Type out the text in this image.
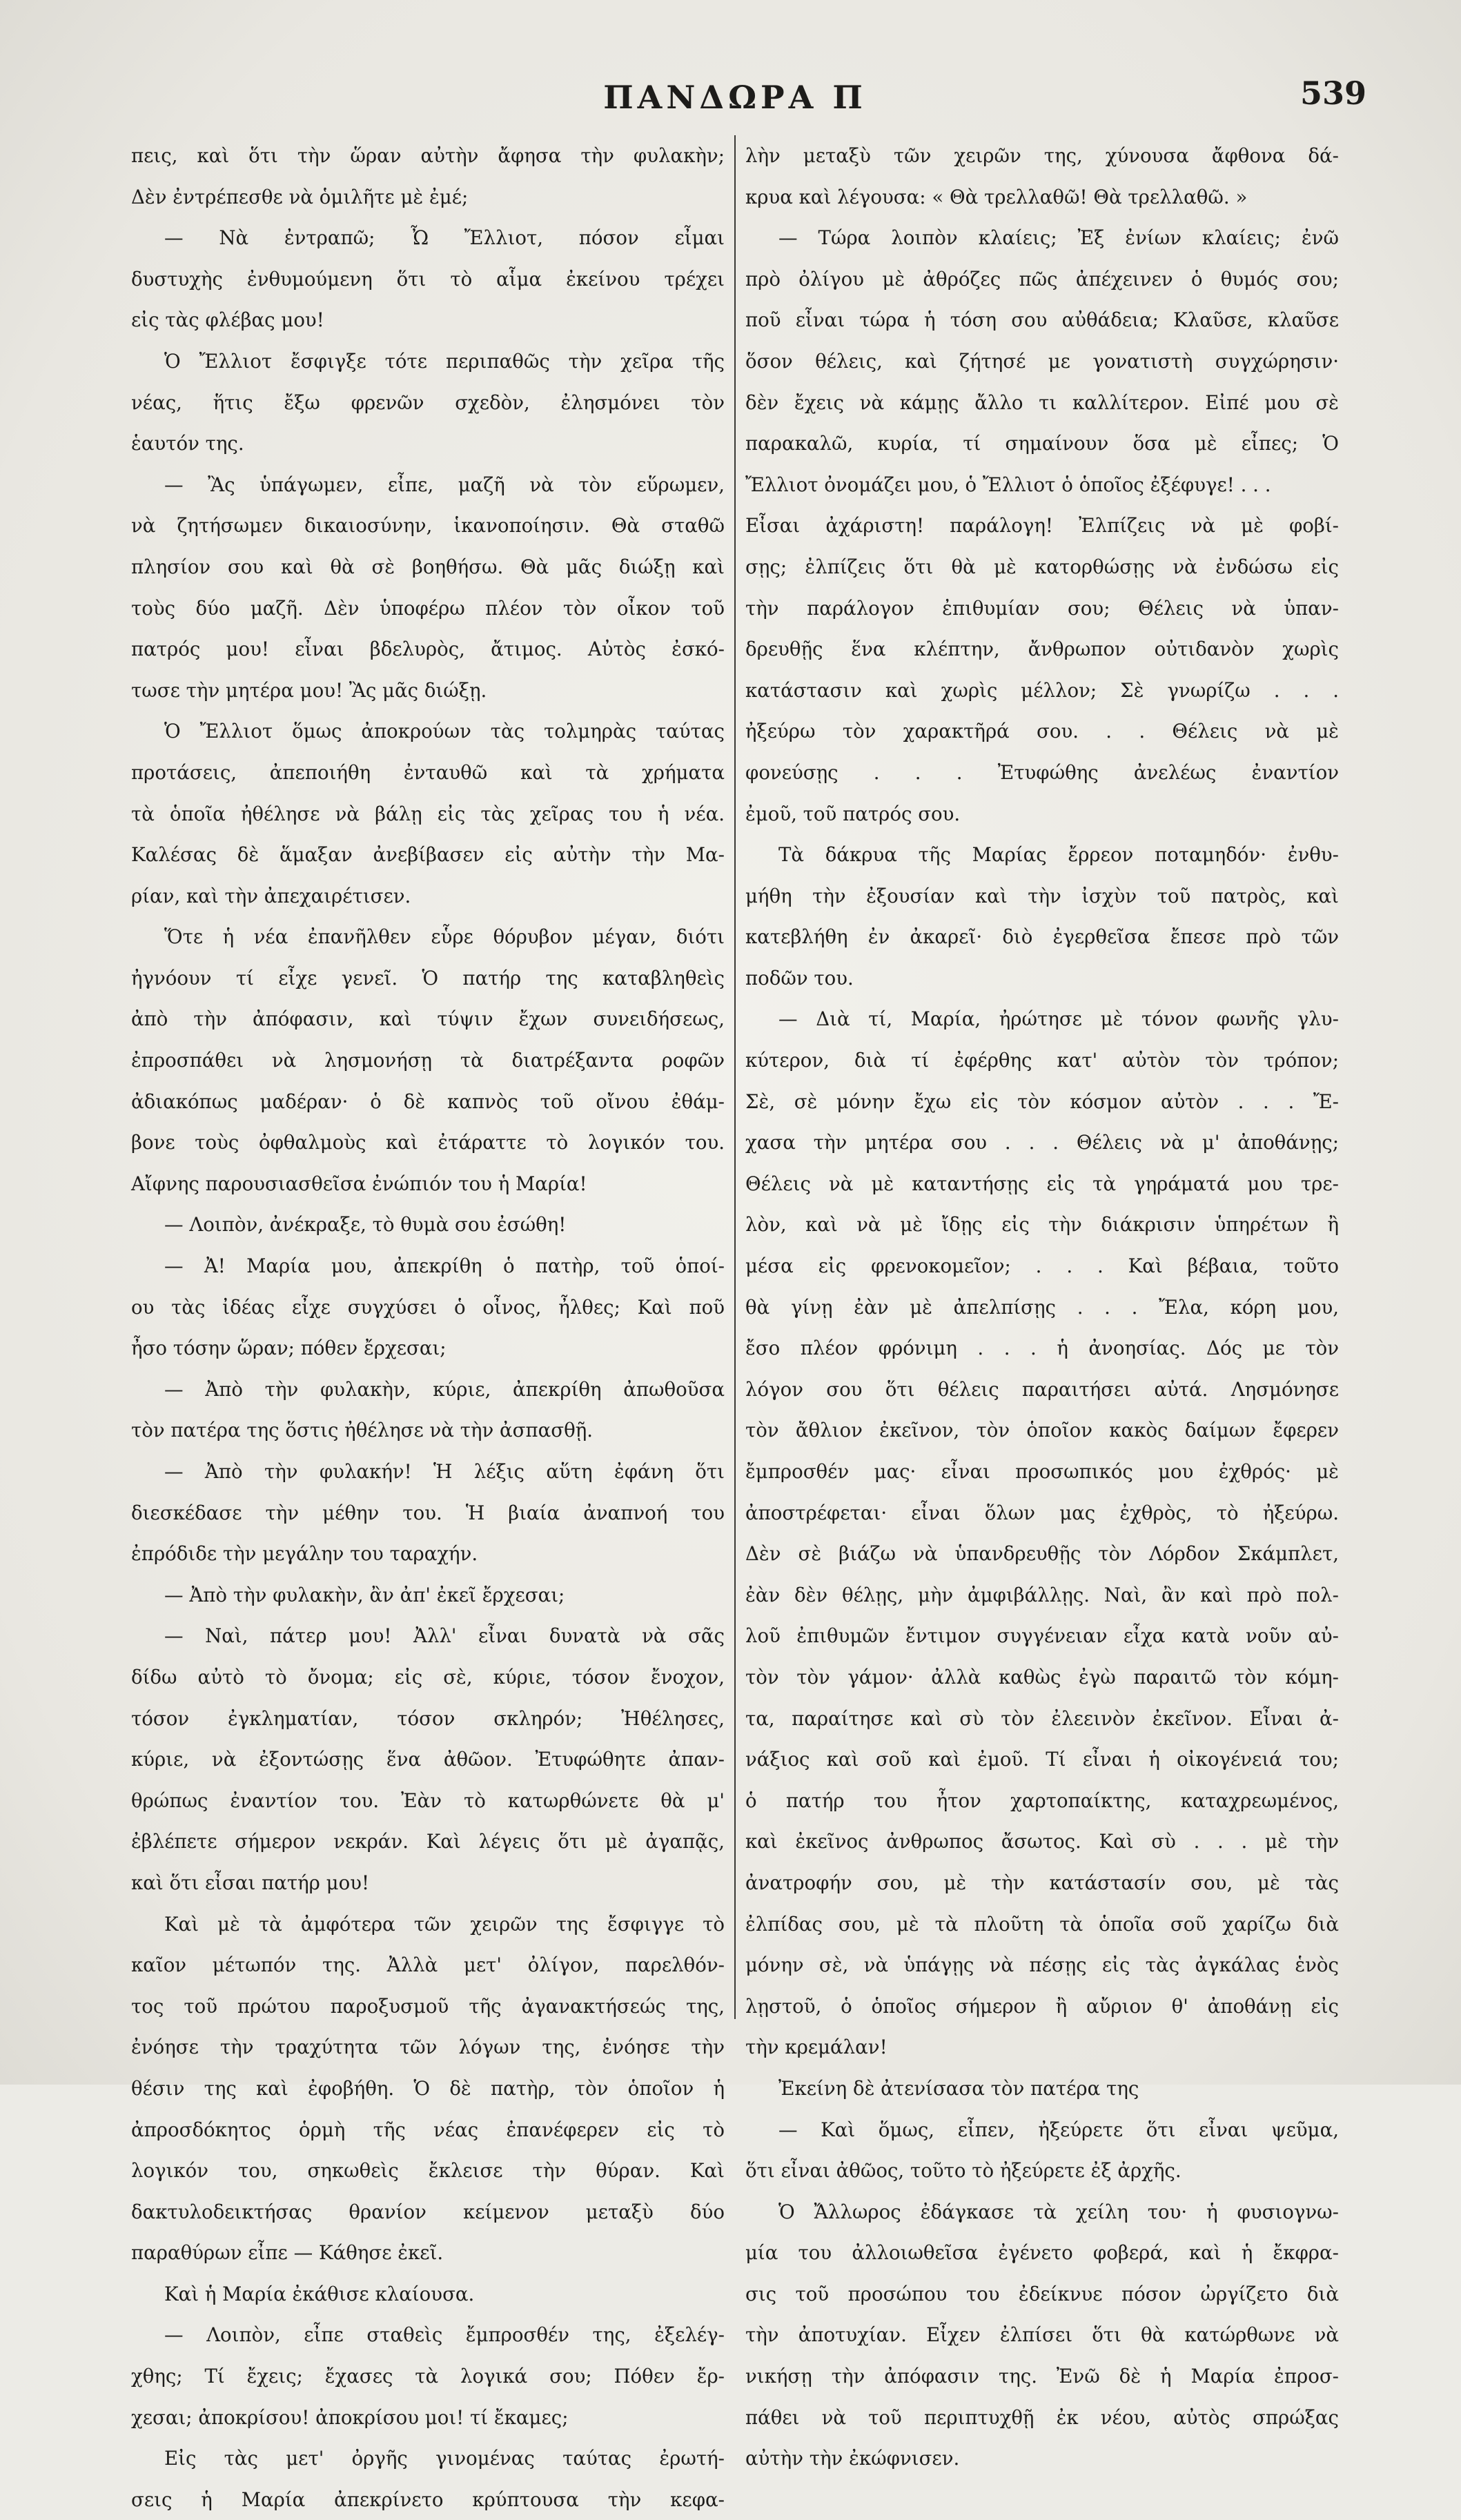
ΠΑΝΔΩΡΑ Π	539

πεις, καὶ ὅτι τὴν ὥραν αὐτὴν ἄφησα τὴν φυλακὴν;

Δὲν ἐντρέπεσθε νὰ ὁμιλῆτε μὲ ἐμέ;

— Νὰ ἐντραπῶ; Ὦ Ἔλλιοτ, πόσον εἶμαι

δυστυχὴς ἐνθυμούμενη ὅτι τὸ αἷμα ἐκείνου τρέχει

εἰς τὰς φλέβας μου!

Ὁ Ἔλλιοτ ἔσφιγξε τότε περιπαθῶς τὴν χεῖρα τῆς

νέας, ἥτις ἔξω φρενῶν σχεδὸν, ἐλησμόνει τὸν

ἑαυτόν της.

— Ἂς ὑπάγωμεν, εἶπε, μαζῆ νὰ τὸν εὕρωμεν,

νὰ ζητήσωμεν δικαιοσύνην, ἱκανοποίησιν. Θὰ σταθῶ

πλησίον σου καὶ θὰ σὲ βοηθήσω. Θὰ μᾶς διώξῃ καὶ

τοὺς δύο μαζῆ. Δὲν ὑποφέρω πλέον τὸν οἶκον τοῦ

πατρός μου! εἶναι βδελυρὸς, ἄτιμος. Αὐτὸς ἐσκό-

τωσε τὴν μητέρα μου! Ἂς μᾶς διώξῃ.

Ὁ Ἔλλιοτ ὅμως ἀποκρούων τὰς τολμηρὰς ταύτας

προτάσεις, ἀπεποιήθη ἐνταυθῶ καὶ τὰ χρήματα

τὰ ὁποῖα ἠθέλησε νὰ βάλῃ εἰς τὰς χεῖρας του ἡ νέα.

Καλέσας δὲ ἅμαξαν ἀνεβίβασεν εἰς αὐτὴν τὴν Μα-

ρίαν, καὶ τὴν ἀπεχαιρέτισεν.

Ὅτε ἡ νέα ἐπανῆλθεν εὗρε θόρυβον μέγαν, διότι

ἠγνόουν τί εἶχε γενεῖ. Ὁ πατήρ της καταβληθεὶς

ἀπὸ τὴν ἀπόφασιν, καὶ τύψιν ἔχων συνειδήσεως,

ἐπροσπάθει νὰ λησμονήσῃ τὰ διατρέξαντα ροφῶν

ἀδιακόπως μαδέραν· ὁ δὲ καπνὸς τοῦ οἴνου ἐθάμ-

βονε τοὺς ὀφθαλμοὺς καὶ ἐτάραττε τὸ λογικόν του.

Αἴφνης παρουσιασθεῖσα ἐνώπιόν του ἡ Μαρία!

— Λοιπὸν, ἀνέκραξε, τὸ θυμὰ σου ἐσώθη!

— Ἀ! Μαρία μου, ἀπεκρίθη ὁ πατὴρ, τοῦ ὁποί-

ου τὰς ἰδέας εἶχε συγχύσει ὁ οἶνος, ἦλθες; Καὶ ποῦ

ἦσο τόσην ὥραν; πόθεν ἔρχεσαι;

— Ἀπὸ τὴν φυλακὴν, κύριε, ἀπεκρίθη ἀπωθοῦσα

τὸν πατέρα της ὅστις ἠθέλησε νὰ τὴν ἀσπασθῇ.

— Ἀπὸ τὴν φυλακήν! Ἡ λέξις αὕτη ἐφάνη ὅτι

διεσκέδασε τὴν μέθην του. Ἡ βιαία ἀναπνοή του

ἐπρόδιδε τὴν μεγάλην του ταραχήν.

— Ἀπὸ τὴν φυλακὴν, ἂν ἀπ' ἐκεῖ ἔρχεσαι;

— Ναὶ, πάτερ μου! Ἀλλ' εἶναι δυνατὰ νὰ σᾶς

δίδω αὐτὸ τὸ ὄνομα; εἰς σὲ, κύριε, τόσον ἔνοχον,

τόσον ἐγκληματίαν, τόσον σκληρόν; Ἠθέλησες,

κύριε, νὰ ἐξοντώσῃς ἕνα ἀθῶον. Ἐτυφώθητε ἀπαν-

θρώπως ἐναντίον του. Ἐὰν τὸ κατωρθώνετε θὰ μ'

ἐβλέπετε σήμερον νεκράν. Καὶ λέγεις ὅτι μὲ ἀγαπᾷς,

καὶ ὅτι εἶσαι πατήρ μου!

Καὶ μὲ τὰ ἀμφότερα τῶν χειρῶν της ἔσφιγγε τὸ

καῖον μέτωπόν της. Ἀλλὰ μετ' ὀλίγον, παρελθόν-

τος τοῦ πρώτου παροξυσμοῦ τῆς ἀγανακτήσεώς της,

ἐνόησε τὴν τραχύτητα τῶν λόγων της, ἐνόησε τὴν

θέσιν της καὶ ἐφοβήθη. Ὁ δὲ πατὴρ, τὸν ὁποῖον ἡ

ἀπροσδόκητος ὁρμὴ τῆς νέας ἐπανέφερεν εἰς τὸ

λογικόν του, σηκωθεὶς ἔκλεισε τὴν θύραν. Καὶ

δακτυλοδεικτήσας θρανίον κείμενον μεταξὺ δύο

παραθύρων εἶπε — Κάθησε ἐκεῖ.

Καὶ ἡ Μαρία ἐκάθισε κλαίουσα.

— Λοιπὸν, εἶπε σταθεὶς ἔμπροσθέν της, ἐξελέγ-

χθης; Τί ἔχεις; ἔχασες τὰ λογικά σου; Πόθεν ἔρ-

χεσαι; ἀποκρίσου! ἀποκρίσου μοι! τί ἔκαμες;

Εἰς τὰς μετ' ὀργῆς γινομένας ταύτας ἐρωτή-

σεις ἡ Μαρία ἀπεκρίνετο κρύπτουσα τὴν κεφα-

λὴν μεταξὺ τῶν χειρῶν της, χύνουσα ἄφθονα δά-

κρυα καὶ λέγουσα: « Θὰ τρελλαθῶ! Θὰ τρελλαθῶ. »

— Τώρα λοιπὸν κλαίεις; Ἐξ ἐνίων κλαίεις; ἐνῶ

πρὸ ὀλίγου μὲ ἀθρόζες πῶς ἀπέχεινεν ὁ θυμός σου;

ποῦ εἶναι τώρα ἡ τόση σου αὐθάδεια; Κλαῦσε, κλαῦσε

ὅσον θέλεις, καὶ ζήτησέ με γονατιστὴ συγχώρησιν·

δὲν ἔχεις νὰ κάμῃς ἄλλο τι καλλίτερον. Εἰπέ μου σὲ

παρακαλῶ, κυρία, τί σημαίνουν ὅσα μὲ εἶπες; Ὁ

Ἔλλιοτ ὀνομάζει μου, ὁ Ἔλλιοτ ὁ ὁποῖος ἐξέφυγε! . . .

Εἶσαι ἀχάριστη! παράλογη! Ἐλπίζεις νὰ μὲ φοβί-

σῃς; ἐλπίζεις ὅτι θὰ μὲ κατορθώσῃς νὰ ἐνδώσω εἰς

τὴν παράλογον ἐπιθυμίαν σου; Θέλεις νὰ ὑπαν-

δρευθῇς ἕνα κλέπτην, ἄνθρωπον οὐτιδανὸν χωρὶς

κατάστασιν καὶ χωρὶς μέλλον; Σὲ γνωρίζω . . .

ἠξεύρω τὸν χαρακτῆρά σου. . . Θέλεις νὰ μὲ

φονεύσῃς . . . Ἐτυφώθης ἀνελέως ἐναντίον

ἐμοῦ, τοῦ πατρός σου.

Τὰ δάκρυα τῆς Μαρίας ἔρρεον ποταμηδόν· ἐνθυ-

μήθη τὴν ἐξουσίαν καὶ τὴν ἰσχὺν τοῦ πατρὸς, καὶ

κατεβλήθη ἐν ἀκαρεῖ· διὸ ἐγερθεῖσα ἔπεσε πρὸ τῶν

ποδῶν του.

— Διὰ τί, Μαρία, ἠρώτησε μὲ τόνον φωνῆς γλυ-

κύτερον, διὰ τί ἐφέρθης κατ' αὐτὸν τὸν τρόπον;

Σὲ, σὲ μόνην ἔχω εἰς τὸν κόσμον αὐτὸν . . . Ἔ-

χασα τὴν μητέρα σου . . . Θέλεις νὰ μ' ἀποθάνῃς;

Θέλεις νὰ μὲ καταντήσῃς εἰς τὰ γηράματά μου τρε-

λὸν, καὶ νὰ μὲ ἴδῃς εἰς τὴν διάκρισιν ὑπηρέτων ἢ

μέσα εἰς φρενοκομεῖον; . . . Καὶ βέβαια, τοῦτο

θὰ γίνῃ ἐὰν μὲ ἀπελπίσῃς . . . Ἔλα, κόρη μου,

ἔσο πλέον φρόνιμη . . . ἡ ἀνοησίας. Δός με τὸν

λόγον σου ὅτι θέλεις παραιτήσει αὐτά. Λησμόνησε

τὸν ἄθλιον ἐκεῖνον, τὸν ὁποῖον κακὸς δαίμων ἔφερεν

ἔμπροσθέν μας· εἶναι προσωπικός μου ἐχθρός· μὲ

ἀποστρέφεται· εἶναι ὅλων μας ἐχθρὸς, τὸ ἠξεύρω.

Δὲν σὲ βιάζω νὰ ὑπανδρευθῇς τὸν Λόρδον Σκάμπλετ,

ἐὰν δὲν θέλῃς, μὴν ἀμφιβάλλῃς. Ναὶ, ἂν καὶ πρὸ πολ-

λοῦ ἐπιθυμῶν ἔντιμον συγγένειαν εἶχα κατὰ νοῦν αὐ-

τὸν τὸν γάμον· ἀλλὰ καθὼς ἐγὼ παραιτῶ τὸν κόμη-

τα, παραίτησε καὶ σὺ τὸν ἐλεεινὸν ἐκεῖνον. Εἶναι ἀ-

νάξιος καὶ σοῦ καὶ ἐμοῦ. Τί εἶναι ἡ οἰκογένειά του;

ὁ πατήρ του ἦτον χαρτοπαίκτης, καταχρεωμένος,

καὶ ἐκεῖνος ἀνθρωπος ἄσωτος. Καὶ σὺ . . . μὲ τὴν

ἀνατροφήν σου, μὲ τὴν κατάστασίν σου, μὲ τὰς

ἐλπίδας σου, μὲ τὰ πλοῦτη τὰ ὁποῖα σοῦ χαρίζω διὰ

μόνην σὲ, νὰ ὑπάγῃς νὰ πέσῃς εἰς τὰς ἀγκάλας ἑνὸς

λῃστοῦ, ὁ ὁποῖος σήμερον ἢ αὔριον θ' ἀποθάνῃ εἰς

τὴν κρεμάλαν!

Ἐκείνη δὲ ἀτενίσασα τὸν πατέρα της

— Καὶ ὅμως, εἶπεν, ἠξεύρετε ὅτι εἶναι ψεῦμα,

ὅτι εἶναι ἀθῶος, τοῦτο τὸ ἠξεύρετε ἐξ ἀρχῆς.

Ὁ Ἄλλωρος ἐδάγκασε τὰ χείλη του· ἡ φυσιογνω-

μία του ἀλλοιωθεῖσα ἐγένετο φοβερά, καὶ ἡ ἔκφρα-

σις τοῦ προσώπου του ἐδείκνυε πόσον ὠργίζετο διὰ

τὴν ἀποτυχίαν. Εἶχεν ἐλπίσει ὅτι θὰ κατώρθωνε νὰ

νικήσῃ τὴν ἀπόφασιν της. Ἐνῶ δὲ ἡ Μαρία ἐπροσ-

πάθει νὰ τοῦ περιπτυχθῇ ἐκ νέου, αὐτὸς σπρώξας

αὐτὴν τὴν ἐκώφνισεν.
